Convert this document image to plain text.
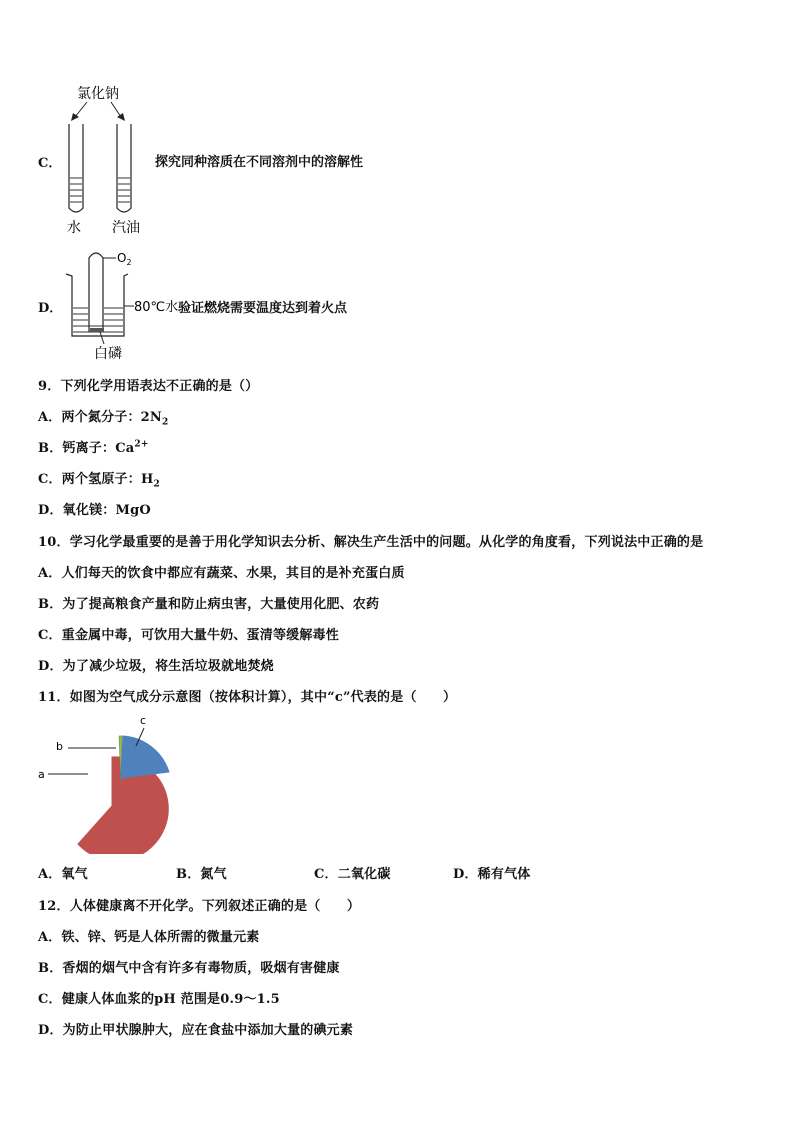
C．
氯化钠
水 汽油
探究同种溶质在不同溶剂中的溶解性
D．
$O_2$
80℃水
白磷
验证燃烧需要温度达到着火点
9．下列化学用语表达不正确的是（）
A．两个氮分子：$2N_2$
B．钙离子：$Ca^{2+}$
C．两个氢原子：$H_2$
D．氧化镁：MgO
10．学习化学最重要的是善于用化学知识去分析、解决生产生活中的问题。从化学的角度看，下列说法中正确的是
A．人们每天的饮食中都应有蔬菜、水果，其目的是补充蛋白质
B．为了提高粮食产量和防止病虫害，大量使用化肥、农药
C．重金属中毒，可饮用大量牛奶、蛋清等缓解毒性
D．为了减少垃圾，将生活垃圾就地焚烧
11．如图为空气成分示意图（按体积计算），其中“c”代表的是（　　）
c
b
a
A．氧气	B．氮气	C．二氧化碳	D．稀有气体
12．人体健康离不开化学。下列叙述正确的是（　　）
A．铁、锌、钙是人体所需的微量元素
B．香烟的烟气中含有许多有毒物质，吸烟有害健康
C．健康人体血浆的pH 范围是0.9～1.5
D．为防止甲状腺肿大，应在食盐中添加大量的碘元素
